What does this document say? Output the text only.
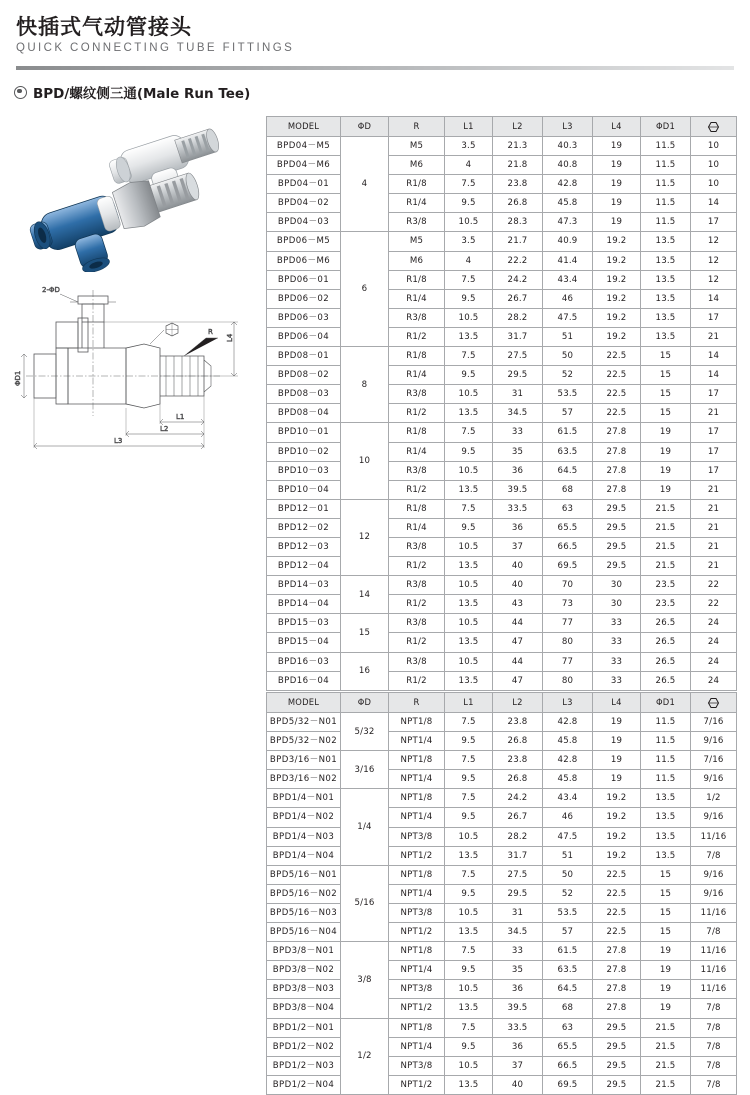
快插式气动管接头
QUICK CONNECTING TUBE FITTINGS
BPD/螺纹侧三通(Male Run Tee)
2-ΦD
ΦD1
L4
R
L1
L2
L3
MODEL	ΦD	R	L1	L2	L3	L4	ΦD1	
BPD04－M5	4	M5	3.5	21.3	40.3	19	11.5	10
BPD04－M6		M6	4	21.8	40.8	19	11.5	10
BPD04－01		R1/8	7.5	23.8	42.8	19	11.5	10
BPD04－02		R1/4	9.5	26.8	45.8	19	11.5	14
BPD04－03		R3/8	10.5	28.3	47.3	19	11.5	17
BPD06－M5	6	M5	3.5	21.7	40.9	19.2	13.5	12
BPD06－M6		M6	4	22.2	41.4	19.2	13.5	12
BPD06－01		R1/8	7.5	24.2	43.4	19.2	13.5	12
BPD06－02		R1/4	9.5	26.7	46	19.2	13.5	14
BPD06－03		R3/8	10.5	28.2	47.5	19.2	13.5	17
BPD06－04		R1/2	13.5	31.7	51	19.2	13.5	21
BPD08－01	8	R1/8	7.5	27.5	50	22.5	15	14
BPD08－02		R1/4	9.5	29.5	52	22.5	15	14
BPD08－03		R3/8	10.5	31	53.5	22.5	15	17
BPD08－04		R1/2	13.5	34.5	57	22.5	15	21
BPD10－01	10	R1/8	7.5	33	61.5	27.8	19	17
BPD10－02		R1/4	9.5	35	63.5	27.8	19	17
BPD10－03		R3/8	10.5	36	64.5	27.8	19	17
BPD10－04		R1/2	13.5	39.5	68	27.8	19	21
BPD12－01	12	R1/8	7.5	33.5	63	29.5	21.5	21
BPD12－02		R1/4	9.5	36	65.5	29.5	21.5	21
BPD12－03		R3/8	10.5	37	66.5	29.5	21.5	21
BPD12－04		R1/2	13.5	40	69.5	29.5	21.5	21
BPD14－03	14	R3/8	10.5	40	70	30	23.5	22
BPD14－04		R1/2	13.5	43	73	30	23.5	22
BPD15－03	15	R3/8	10.5	44	77	33	26.5	24
BPD15－04		R1/2	13.5	47	80	33	26.5	24
BPD16－03	16	R3/8	10.5	44	77	33	26.5	24
BPD16－04		R1/2	13.5	47	80	33	26.5	24
MODEL	ΦD	R	L1	L2	L3	L4	ΦD1	
BPD5/32－N01	5/32	NPT1/8	7.5	23.8	42.8	19	11.5	7/16
BPD5/32－N02		NPT1/4	9.5	26.8	45.8	19	11.5	9/16
BPD3/16－N01	3/16	NPT1/8	7.5	23.8	42.8	19	11.5	7/16
BPD3/16－N02		NPT1/4	9.5	26.8	45.8	19	11.5	9/16
BPD1/4－N01	1/4	NPT1/8	7.5	24.2	43.4	19.2	13.5	1/2
BPD1/4－N02		NPT1/4	9.5	26.7	46	19.2	13.5	9/16
BPD1/4－N03		NPT3/8	10.5	28.2	47.5	19.2	13.5	11/16
BPD1/4－N04		NPT1/2	13.5	31.7	51	19.2	13.5	7/8
BPD5/16－N01	5/16	NPT1/8	7.5	27.5	50	22.5	15	9/16
BPD5/16－N02		NPT1/4	9.5	29.5	52	22.5	15	9/16
BPD5/16－N03		NPT3/8	10.5	31	53.5	22.5	15	11/16
BPD5/16－N04		NPT1/2	13.5	34.5	57	22.5	15	7/8
BPD3/8－N01	3/8	NPT1/8	7.5	33	61.5	27.8	19	11/16
BPD3/8－N02		NPT1/4	9.5	35	63.5	27.8	19	11/16
BPD3/8－N03		NPT3/8	10.5	36	64.5	27.8	19	11/16
BPD3/8－N04		NPT1/2	13.5	39.5	68	27.8	19	7/8
BPD1/2－N01	1/2	NPT1/8	7.5	33.5	63	29.5	21.5	7/8
BPD1/2－N02		NPT1/4	9.5	36	65.5	29.5	21.5	7/8
BPD1/2－N03		NPT3/8	10.5	37	66.5	29.5	21.5	7/8
BPD1/2－N04		NPT1/2	13.5	40	69.5	29.5	21.5	7/8
